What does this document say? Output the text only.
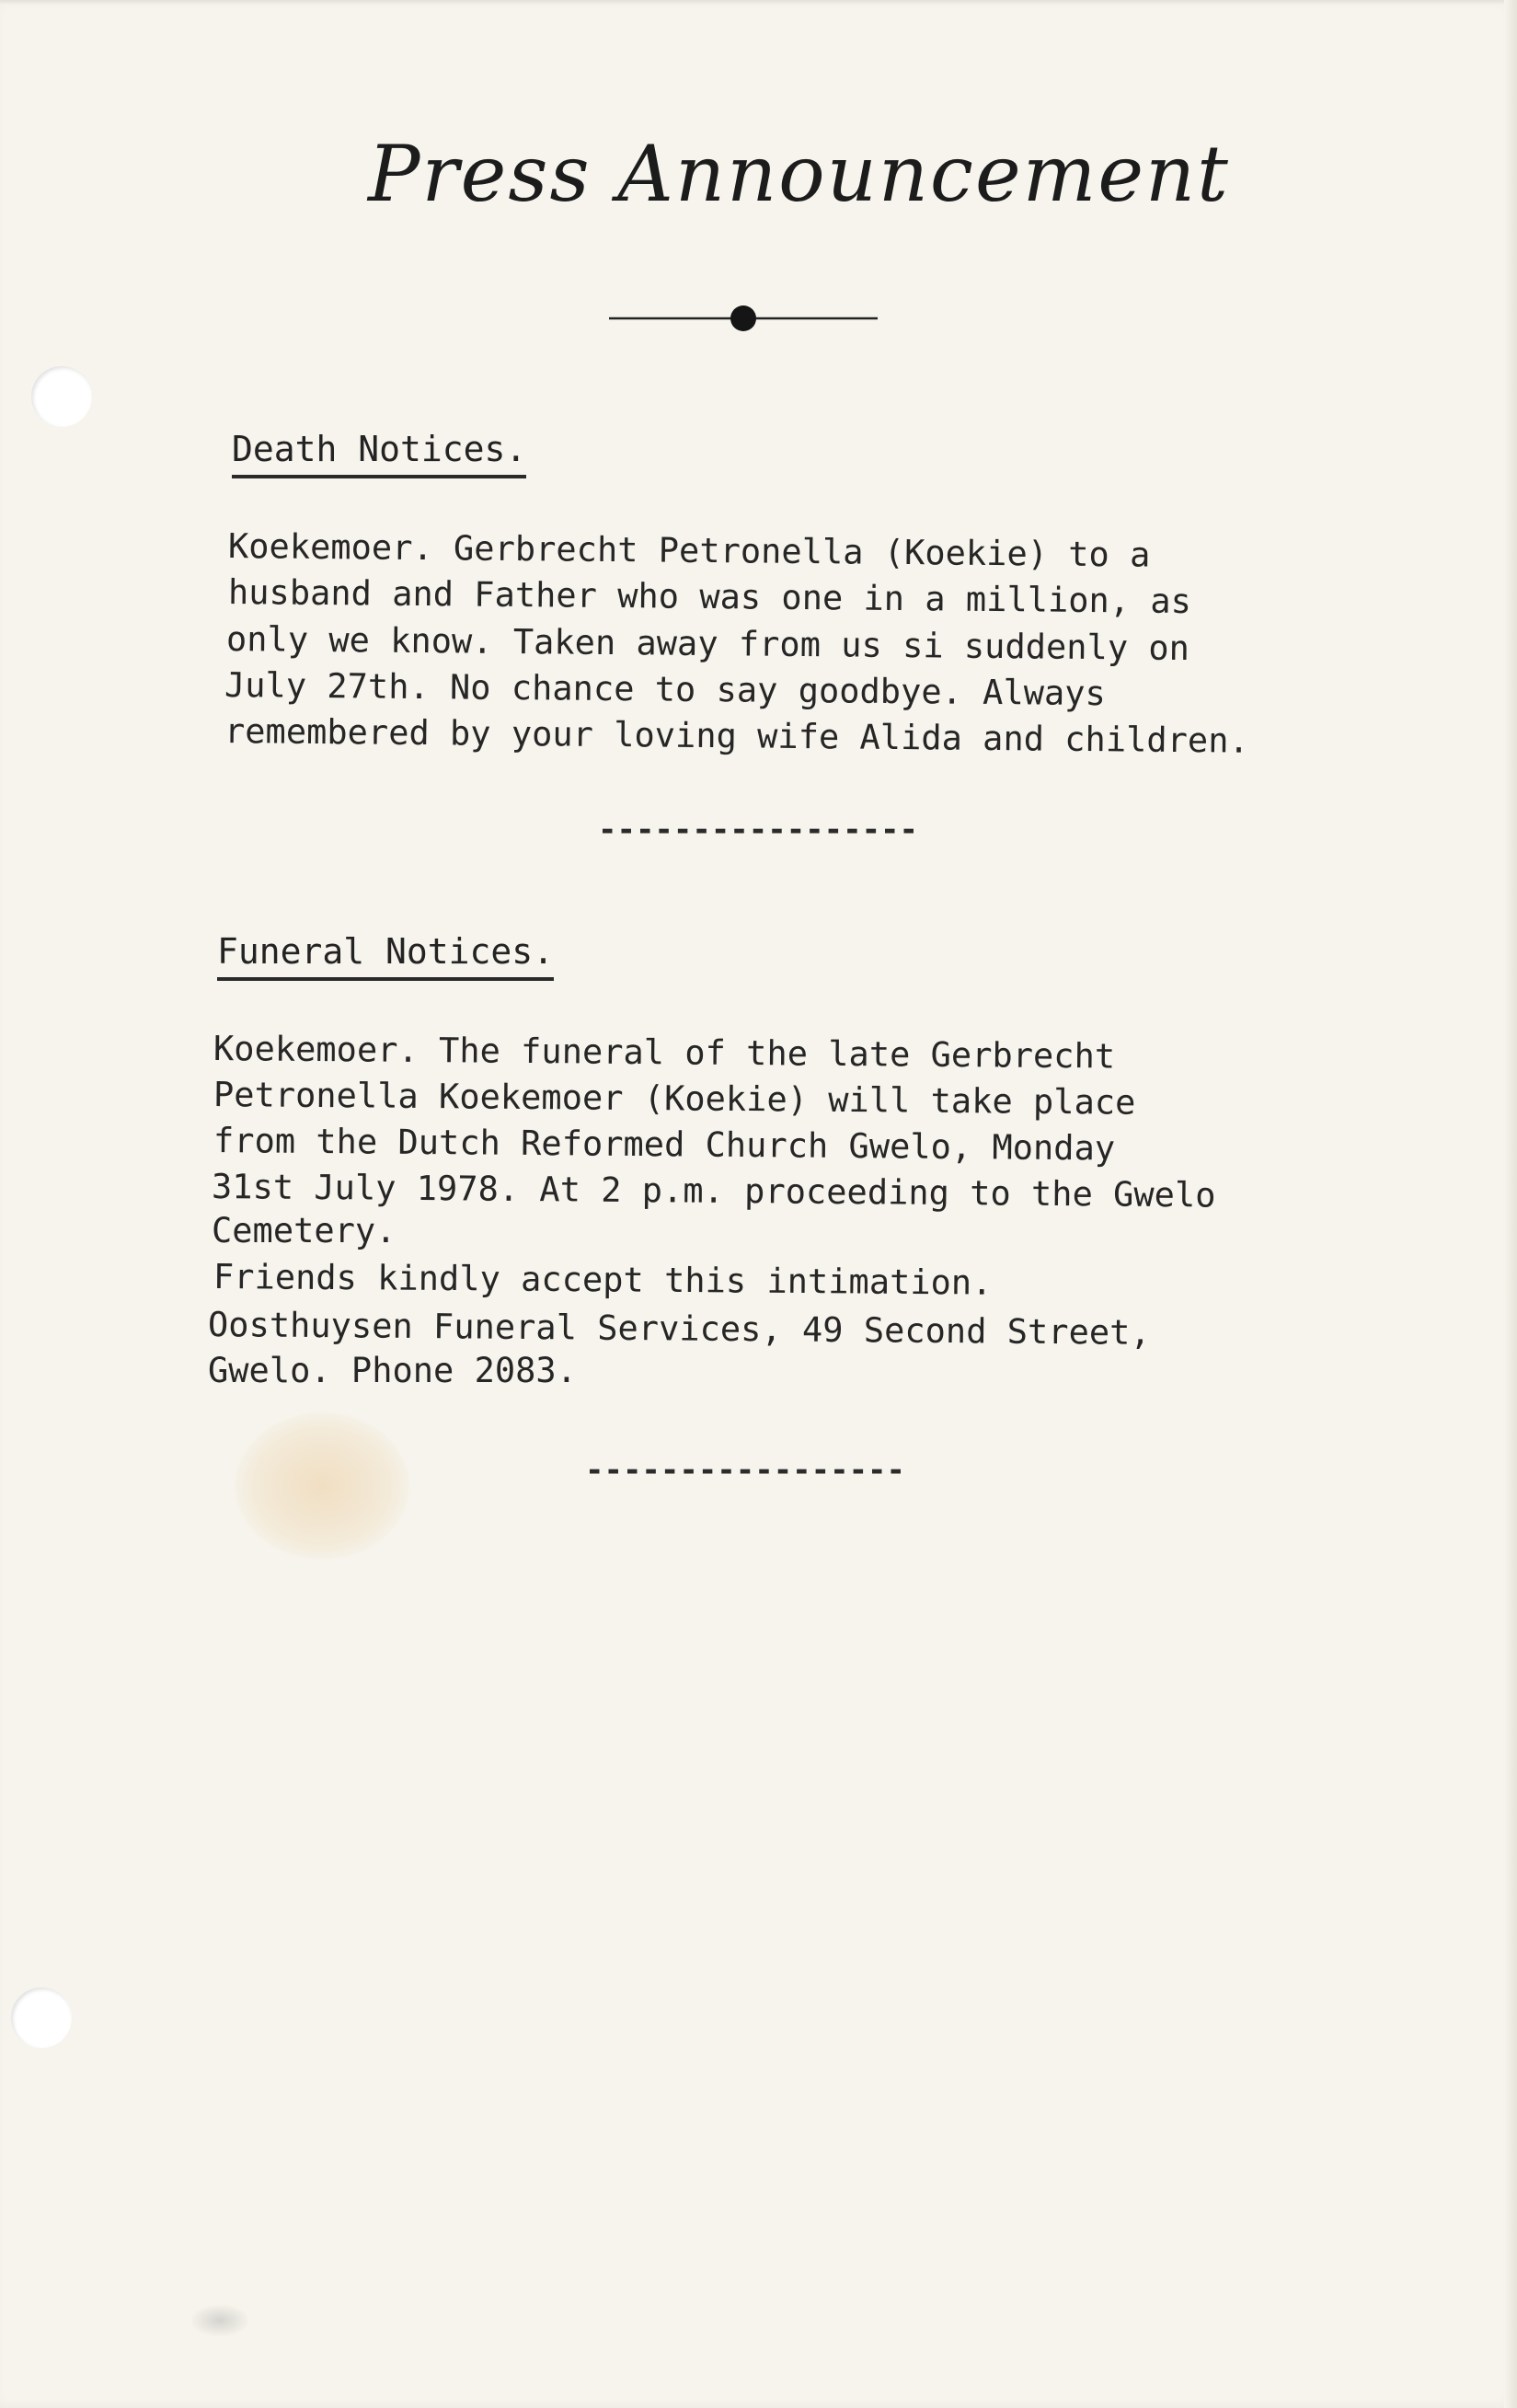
Press Announcement
Death Notices.

Koekemoer. Gerbrecht Petronella (Koekie) to a

husband and Father who was one in a million, as

only we know. Taken away from us si suddenly on

July 27th. No chance to say goodbye. Always

remembered by your loving wife Alida and children.

-----------------

Funeral Notices.

Koekemoer. The funeral of the late Gerbrecht

Petronella Koekemoer (Koekie) will take place

from the Dutch Reformed Church Gwelo, Monday

31st July 1978. At 2 p.m. proceeding to the Gwelo

Cemetery.

Friends kindly accept this intimation.

Oosthuysen Funeral Services, 49 Second Street,

Gwelo. Phone 2083.

-----------------
